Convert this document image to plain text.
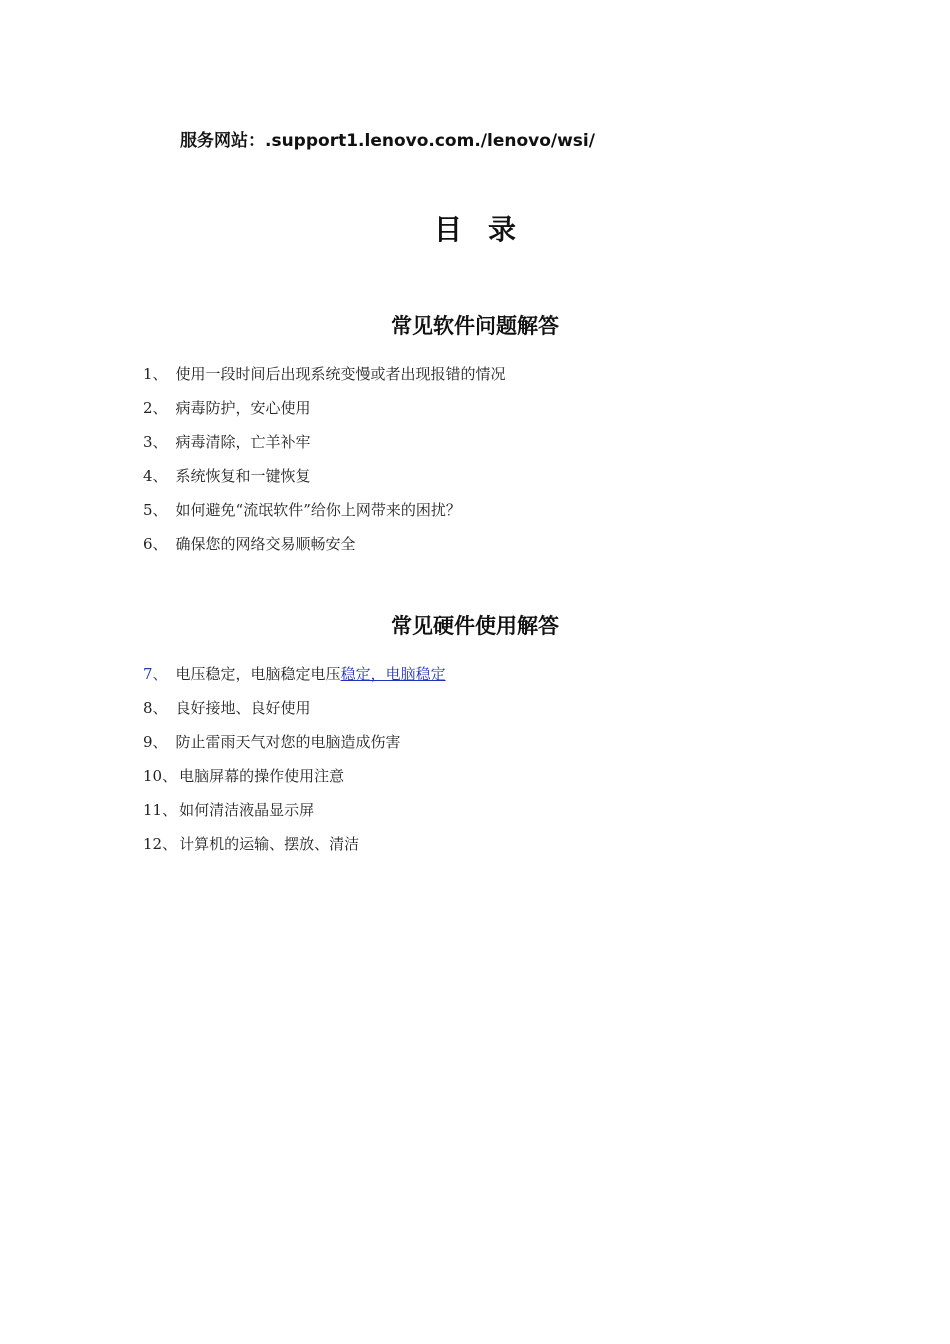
服务网站：.support1.lenovo.com./lenovo/wsi/
目录
常见软件问题解答
1、 使用一段时间后出现系统变慢或者出现报错的情况
2、 病毒防护，安心使用
3、 病毒清除，亡羊补牢
4、 系统恢复和一键恢复
5、 如何避免“流氓软件”给你上网带来的困扰？
6、 确保您的网络交易顺畅安全
常见硬件使用解答
7、 电压稳定，电脑稳定电压稳定，电脑稳定
8、 良好接地、良好使用
9、 防止雷雨天气对您的电脑造成伤害
10、 电脑屏幕的操作使用注意
11、 如何清洁液晶显示屏
12、 计算机的运输、摆放、清洁
